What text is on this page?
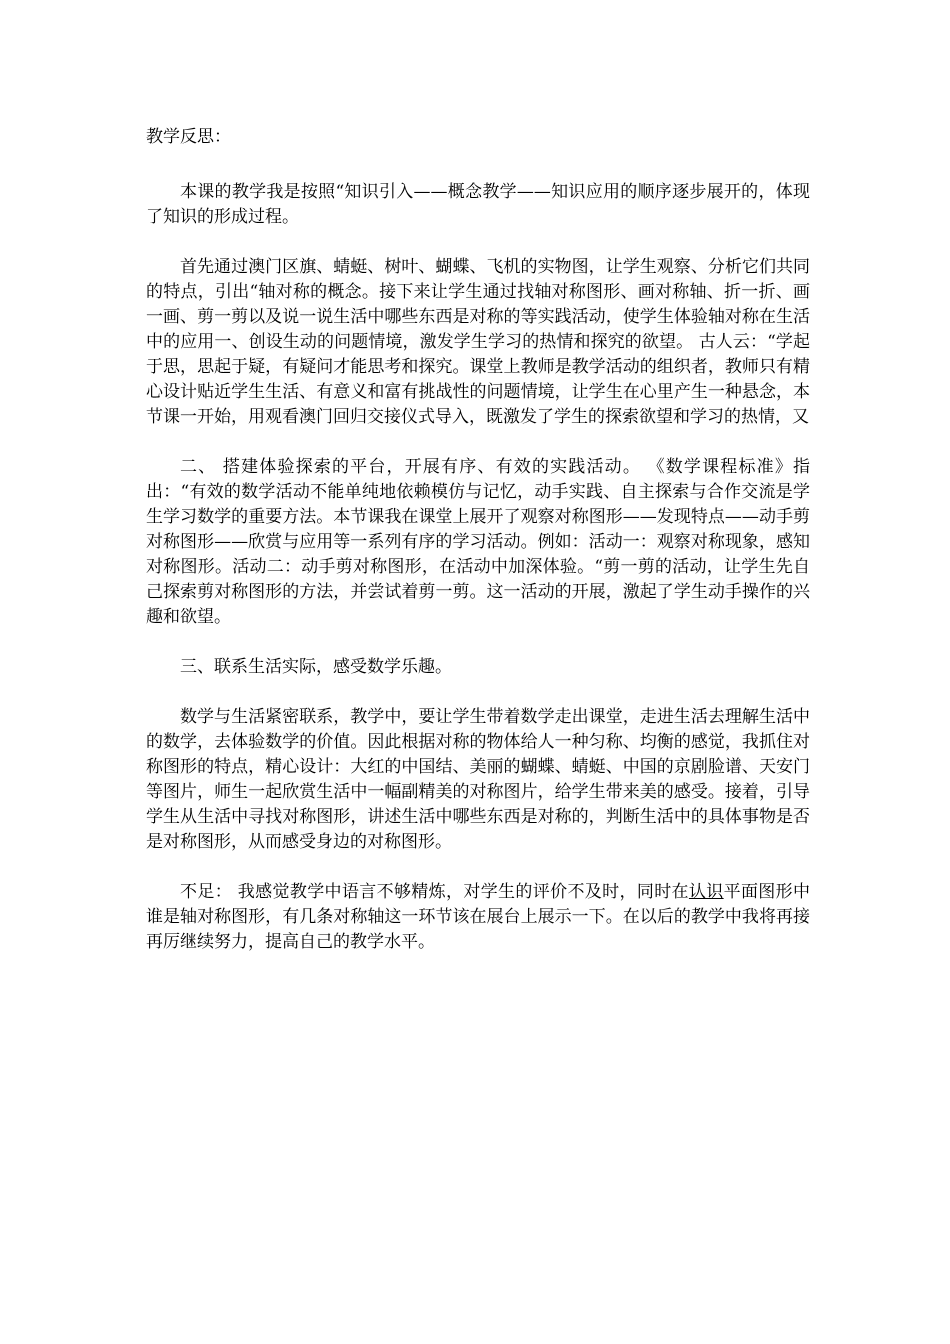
教学反思：

本课的教学我是按照“知识引入——概念教学——知识应用的顺序逐步展开的，体现了知识的形成过程。

首先通过澳门区旗、蜻蜓、树叶、蝴蝶、飞机的实物图，让学生观察、分析它们共同的特点，引出“轴对称的概念。接下来让学生通过找轴对称图形、画对称轴、折一折、画一画、剪一剪以及说一说生活中哪些东西是对称的等实践活动，使学生体验轴对称在生活中的应用一、创设生动的问题情境，激发学生学习的热情和探究的欲望。 古人云：“学起于思，思起于疑，有疑问才能思考和探究。课堂上教师是教学活动的组织者，教师只有精心设计贴近学生生活、有意义和富有挑战性的问题情境，让学生在心里产生一种悬念，本节课一开始，用观看澳门回归交接仪式导入，既激发了学生的探索欲望和学习的热情，又

二、 搭建体验探索的平台，开展有序、有效的实践活动。 《数学课程标准》指出：“有效的数学活动不能单纯地依赖模仿与记忆，动手实践、自主探索与合作交流是学生学习数学的重要方法。本节课我在课堂上展开了观察对称图形——发现特点——动手剪对称图形——欣赏与应用等一系列有序的学习活动。例如：活动一：观察对称现象，感知对称图形。活动二：动手剪对称图形，在活动中加深体验。“剪一剪的活动，让学生先自己探索剪对称图形的方法，并尝试着剪一剪。这一活动的开展，激起了学生动手操作的兴趣和欲望。

三、联系生活实际，感受数学乐趣。

数学与生活紧密联系，教学中，要让学生带着数学走出课堂，走进生活去理解生活中的数学，去体验数学的价值。因此根据对称的物体给人一种匀称、均衡的感觉，我抓住对称图形的特点，精心设计：大红的中国结、美丽的蝴蝶、蜻蜓、中国的京剧脸谱、天安门等图片，师生一起欣赏生活中一幅副精美的对称图片，给学生带来美的感受。接着，引导学生从生活中寻找对称图形，讲述生活中哪些东西是对称的，判断生活中的具体事物是否是对称图形，从而感受身边的对称图形。

不足： 我感觉教学中语言不够精炼，对学生的评价不及时，同时在认识平面图形中谁是轴对称图形，有几条对称轴这一环节该在展台上展示一下。在以后的教学中我将再接再厉继续努力，提高自己的教学水平。
